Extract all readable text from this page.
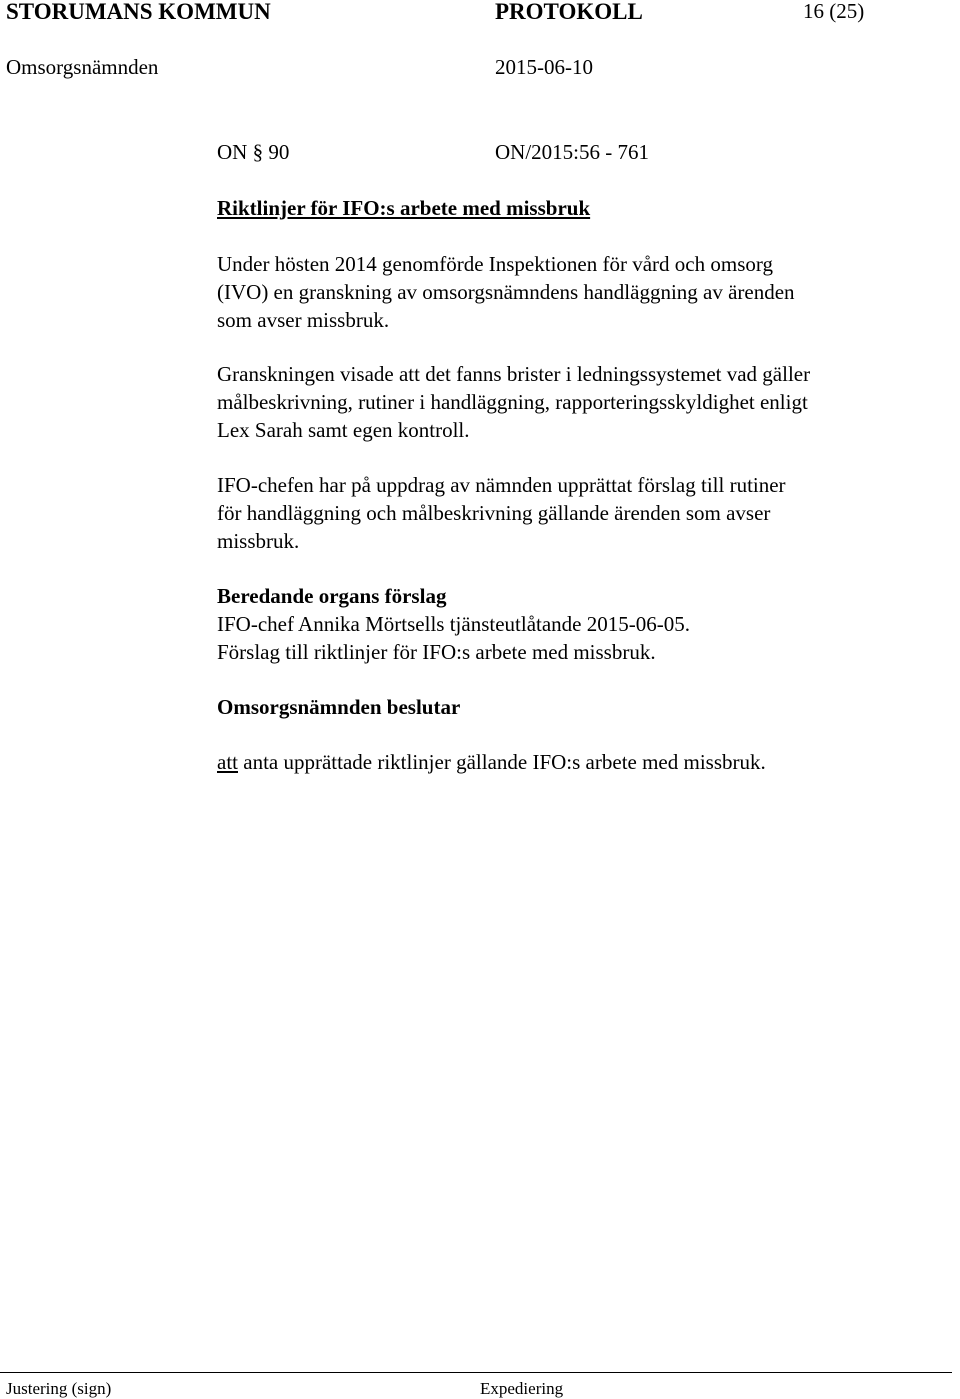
STORUMANS KOMMUN	PROTOKOLL	16 (25)
Omsorgsnämnden	2015-06-10
ON § 90	ON/2015:56 - 761
Riktlinjer för IFO:s arbete med missbruk
Under hösten 2014 genomförde Inspektionen för vård och omsorg
(IVO) en granskning av omsorgsnämndens handläggning av ärenden
som avser missbruk.
Granskningen visade att det fanns brister i ledningssystemet vad gäller
målbeskrivning, rutiner i handläggning, rapporteringsskyldighet enligt
Lex Sarah samt egen kontroll.
IFO-chefen har på uppdrag av nämnden upprättat förslag till rutiner
för handläggning och målbeskrivning gällande ärenden som avser
missbruk.
Beredande organs förslag
IFO-chef Annika Mörtsells tjänsteutlåtande 2015-06-05.
Förslag till riktlinjer för IFO:s arbete med missbruk.
Omsorgsnämnden beslutar
att anta upprättade riktlinjer gällande IFO:s arbete med missbruk.
Justering (sign)	Expediering
